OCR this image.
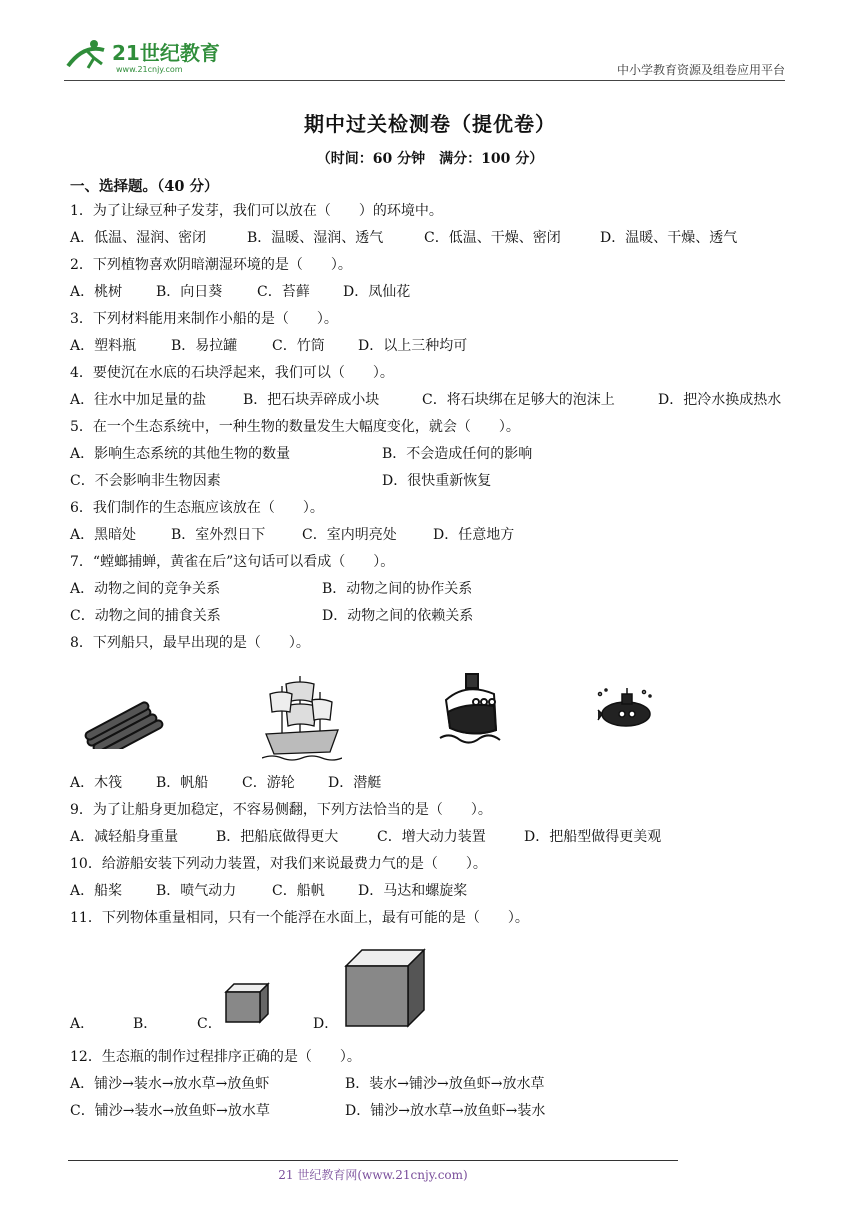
21世纪教育
www.21cnjy.com	中小学教育资源及组卷应用平台
期中过关检测卷（提优卷）
（时间：60 分钟　满分：100 分）
一、选择题。（40 分）
1．为了让绿豆种子发芽，我们可以放在（　　）的环境中。
A．低温、湿润、密闭	B．温暖、湿润、透气	C．低温、干燥、密闭	D．温暖、干燥、透气
2．下列植物喜欢阴暗潮湿环境的是（　　）。
A．桃树 B．向日葵 C．苔藓 D．凤仙花
3．下列材料能用来制作小船的是（　　）。
A．塑料瓶 B．易拉罐 C．竹筒 D．以上三种均可
4．要使沉在水底的石块浮起来，我们可以（　　）。
A．往水中加足量的盐	B．把石块弄碎成小块	C．将石块绑在足够大的泡沫上	D．把冷水换成热水
5．在一个生态系统中，一种生物的数量发生大幅度变化，就会（　　）。
A．影响生态系统的其他生物的数量	B．不会造成任何的影响
C．不会影响非生物因素	D．很快重新恢复
6．我们制作的生态瓶应该放在（　　）。
A．黑暗处 B．室外烈日下	C．室内明亮处	D．任意地方
7．“螳螂捕蝉，黄雀在后”这句话可以看成（　　）。
A．动物之间的竞争关系	B．动物之间的协作关系
C．动物之间的捕食关系	D．动物之间的依赖关系
8．下列船只，最早出现的是（　　）。
A．木筏 B．帆船 C．游轮 D．潜艇
9．为了让船身更加稳定，不容易侧翻，下列方法恰当的是（　　）。
A．减轻船身重量	B．把船底做得更大	C．增大动力装置	D．把船型做得更美观
10．给游船安装下列动力装置，对我们来说最费力气的是（　　）。
A．船桨 B．喷气动力	C．船帆 D．马达和螺旋桨
11．下列物体重量相同，只有一个能浮在水面上，最有可能的是（　　）。
A．	B．	C．	D．
12．生态瓶的制作过程排序正确的是（　　）。
A．铺沙→装水→放水草→放鱼虾	B．装水→铺沙→放鱼虾→放水草
C．铺沙→装水→放鱼虾→放水草	D．铺沙→放水草→放鱼虾→装水
21 世纪教育网(www.21cnjy.com)
